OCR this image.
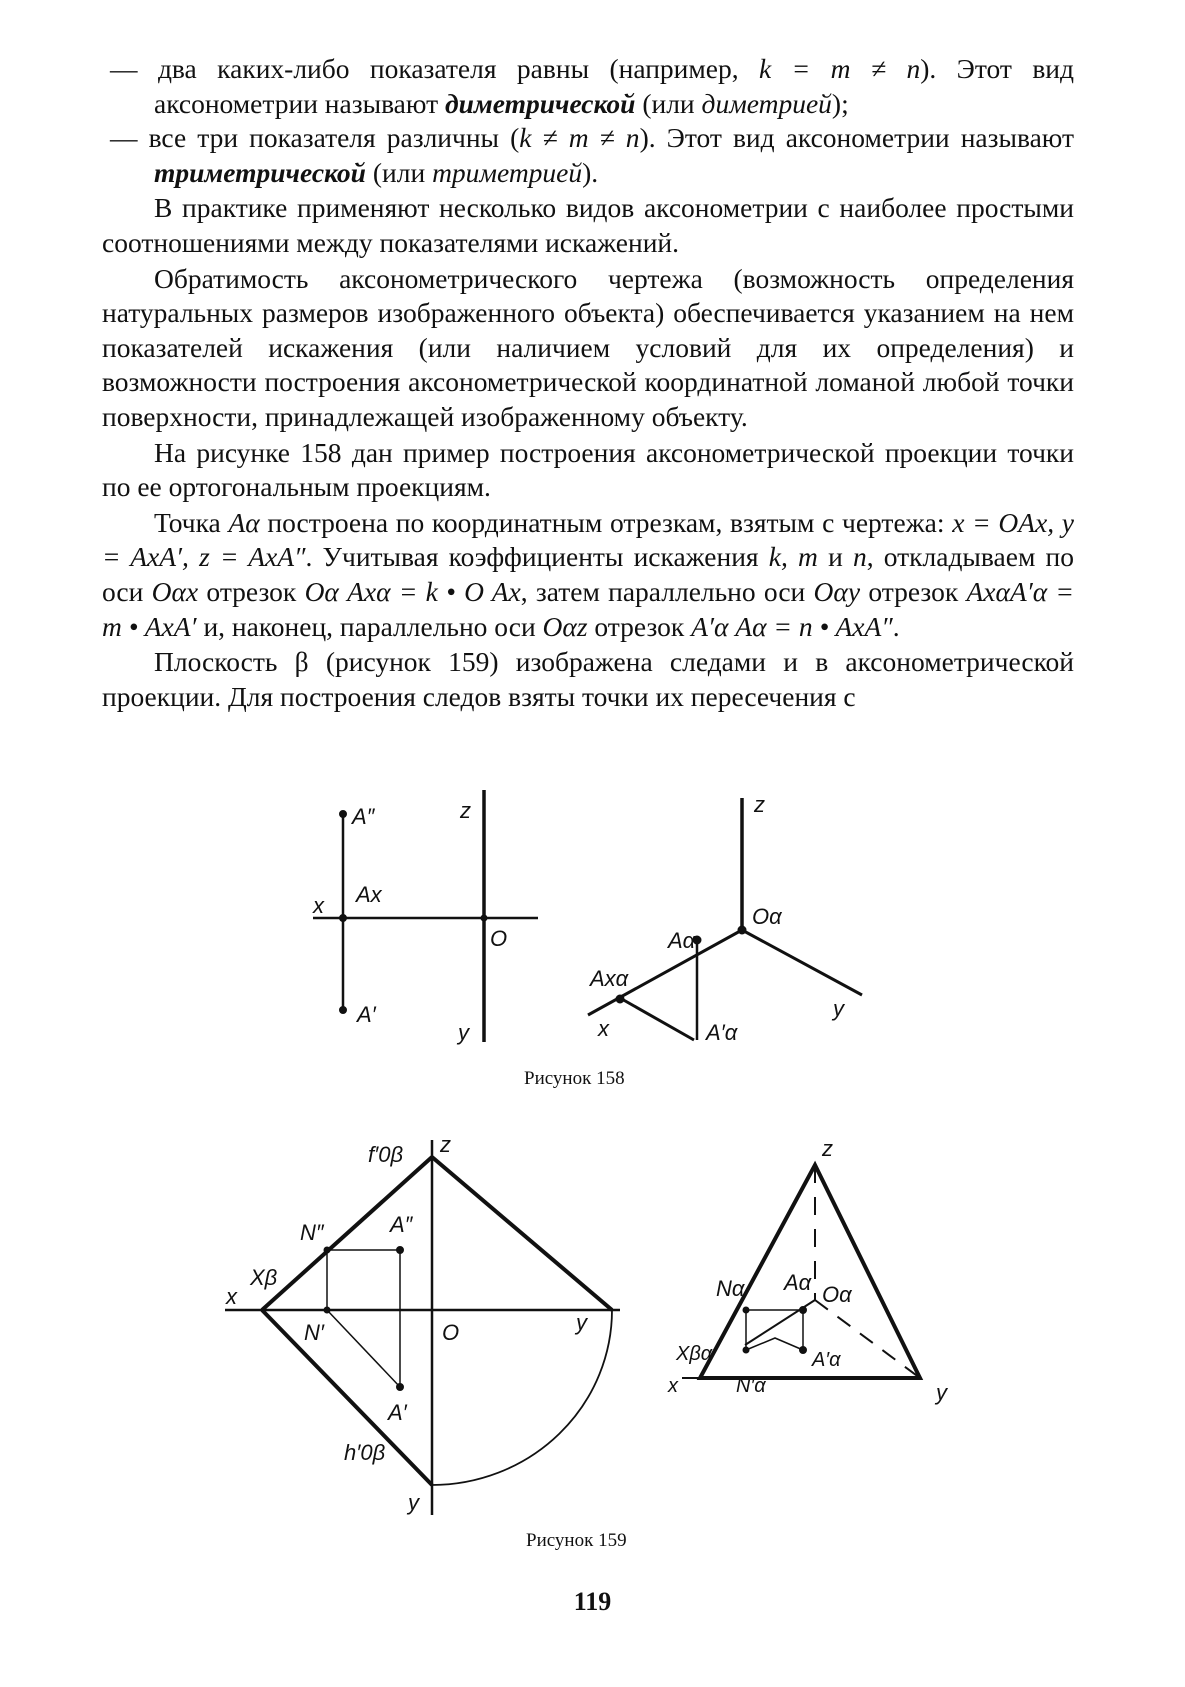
— два каких-либо показателя равны (например, k = m ≠ n). Этот вид аксонометрии называют диметрической (или диметрией);

— все три показателя различны (k ≠ m ≠ n). Этот вид аксонометрии называют триметрической (или триметрией).

В практике применяют несколько видов аксонометрии с наиболее простыми соотношениями между показателями искажений.

Обратимость аксонометрического чертежа (возможность определения натуральных размеров изображенного объекта) обеспечивается указанием на нем показателей искажения (или наличием условий для их определения) и возможности построения аксонометрической координатной ломаной любой точки поверхности, принадлежащей изображенному объекту.

На рисунке 158 дан пример построения аксонометрической проекции точки по ее ортогональным проекциям.

Точка Aα построена по координатным отрезкам, взятым с чертежа: x = OAx, y = AxA′, z = AxA″. Учитывая коэффициенты искажения k, m и n, откладываем по оси Oαx отрезок Oα Axα = k • O Ax, затем параллельно оси Oαy отрезок AxαA′α = m • AxA′ и, наконец, параллельно оси Oαz отрезок A′α Aα = n • AxA″.

Плоскость β (рисунок 159) изображена следами и в аксонометрической проекции. Для построения следов взяты точки их пересечения с

A″	z
x Ax
O
A′
y
z
Oα
Aα
Axα
x	A′α
y
f′0β z
N″	A″
x
Xβ
N′	O	y
A′
h′0β
y
z
Nα Aα Oα
Xβα
x	N′α
A′α
y
Рисунок 158
Рисунок 159
119
